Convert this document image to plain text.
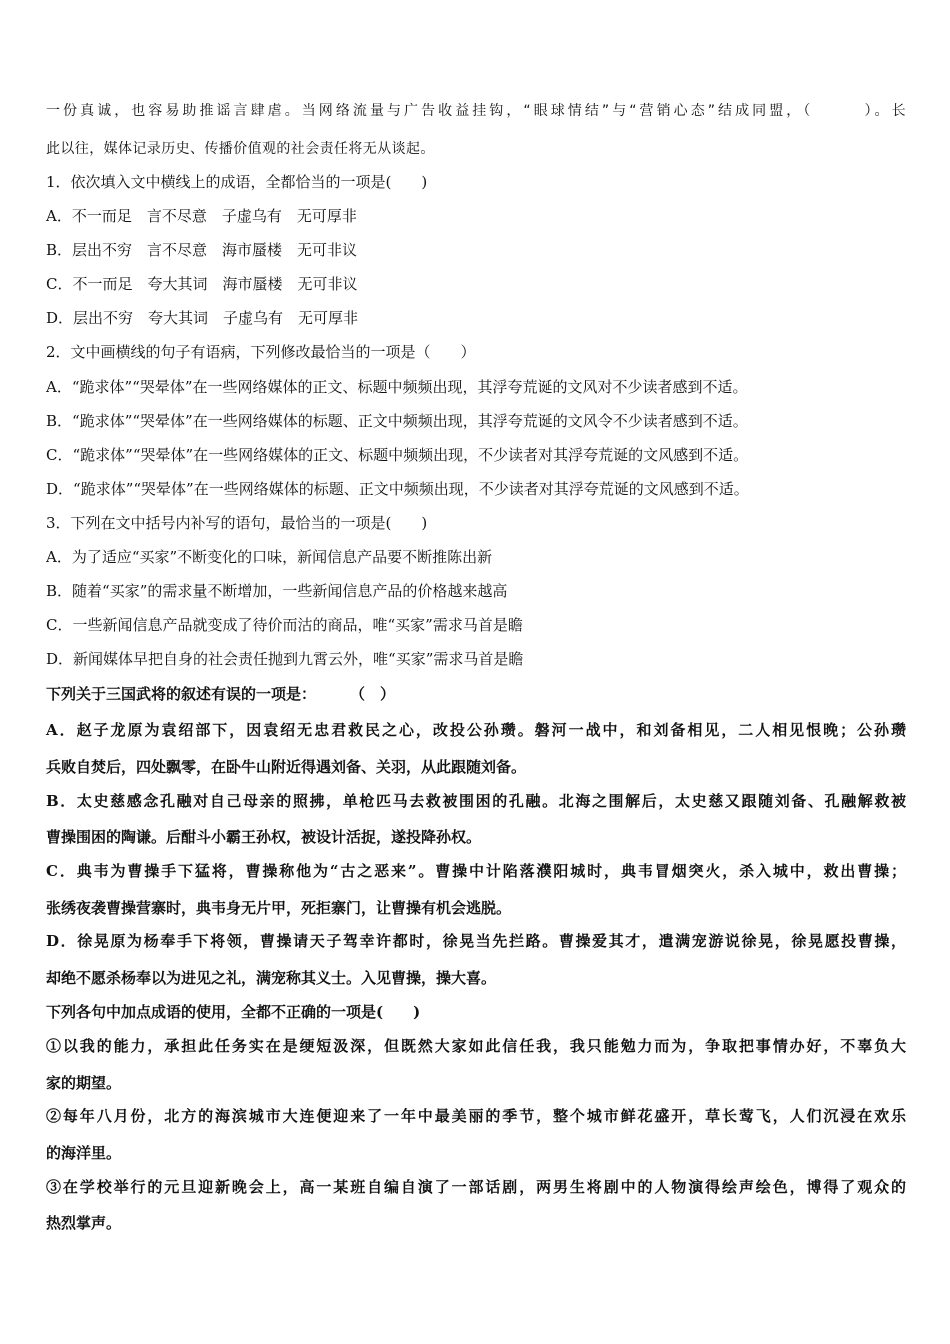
一份真诚，也容易助推谣言肆虐。当网络流量与广告收益挂钩，“眼球情结”与“营销心态”结成同盟，（　　　）。长
此以往，媒体记录历史、传播价值观的社会责任将无从谈起。
1．依次填入文中横线上的成语，全都恰当的一项是(　　)
A．不一而足　言不尽意　子虚乌有　无可厚非
B．层出不穷　言不尽意　海市蜃楼　无可非议
C．不一而足　夸大其词　海市蜃楼　无可非议
D．层出不穷　夸大其词　子虚乌有　无可厚非
2．文中画横线的句子有语病，下列修改最恰当的一项是（　　）
A．“跪求体”“哭晕体”在一些网络媒体的正文、标题中频频出现，其浮夸荒诞的文风对不少读者感到不适。
B．“跪求体”“哭晕体”在一些网络媒体的标题、正文中频频出现，其浮夸荒诞的文风令不少读者感到不适。
C．“跪求体”“哭晕体”在一些网络媒体的正文、标题中频频出现，不少读者对其浮夸荒诞的文风感到不适。
D．“跪求体”“哭晕体”在一些网络媒体的标题、正文中频频出现，不少读者对其浮夸荒诞的文风感到不适。
3．下列在文中括号内补写的语句，最恰当的一项是(　　)
A．为了适应“买家”不断变化的口味，新闻信息产品要不断推陈出新
B．随着“买家”的需求量不断增加，一些新闻信息产品的价格越来越高
C．一些新闻信息产品就变成了待价而沽的商品，唯“买家”需求马首是瞻
D．新闻媒体早把自身的社会责任抛到九霄云外，唯“买家”需求马首是瞻
下列关于三国武将的叙述有误的一项是： （　）
A．赵子龙原为袁绍部下，因袁绍无忠君救民之心，改投公孙瓒。磐河一战中，和刘备相见，二人相见恨晚；公孙瓒
兵败自焚后，四处飘零，在卧牛山附近得遇刘备、关羽，从此跟随刘备。
B．太史慈感念孔融对自己母亲的照拂，单枪匹马去救被围困的孔融。北海之围解后，太史慈又跟随刘备、孔融解救被
曹操围困的陶谦。后酣斗小霸王孙权，被设计活捉，遂投降孙权。
C．典韦为曹操手下猛将，曹操称他为“古之恶来”。曹操中计陷落濮阳城时，典韦冒烟突火，杀入城中，救出曹操；
张绣夜袭曹操营寨时，典韦身无片甲，死拒寨门，让曹操有机会逃脱。
D．徐晃原为杨奉手下将领，曹操请天子驾幸许都时，徐晃当先拦路。曹操爱其才，遣满宠游说徐晃，徐晃愿投曹操，
却绝不愿杀杨奉以为进见之礼，满宠称其义士。入见曹操，操大喜。
下列各句中加点成语的使用，全都不正确的一项是(　　)
①以我的能力，承担此任务实在是绠短汲深，但既然大家如此信任我，我只能勉力而为，争取把事情办好，不辜负大
家的期望。
②每年八月份，北方的海滨城市大连便迎来了一年中最美丽的季节，整个城市鲜花盛开，草长莺飞，人们沉浸在欢乐
的海洋里。
③在学校举行的元旦迎新晚会上，高一某班自编自演了一部话剧，两男生将剧中的人物演得绘声绘色，博得了观众的
热烈掌声。
